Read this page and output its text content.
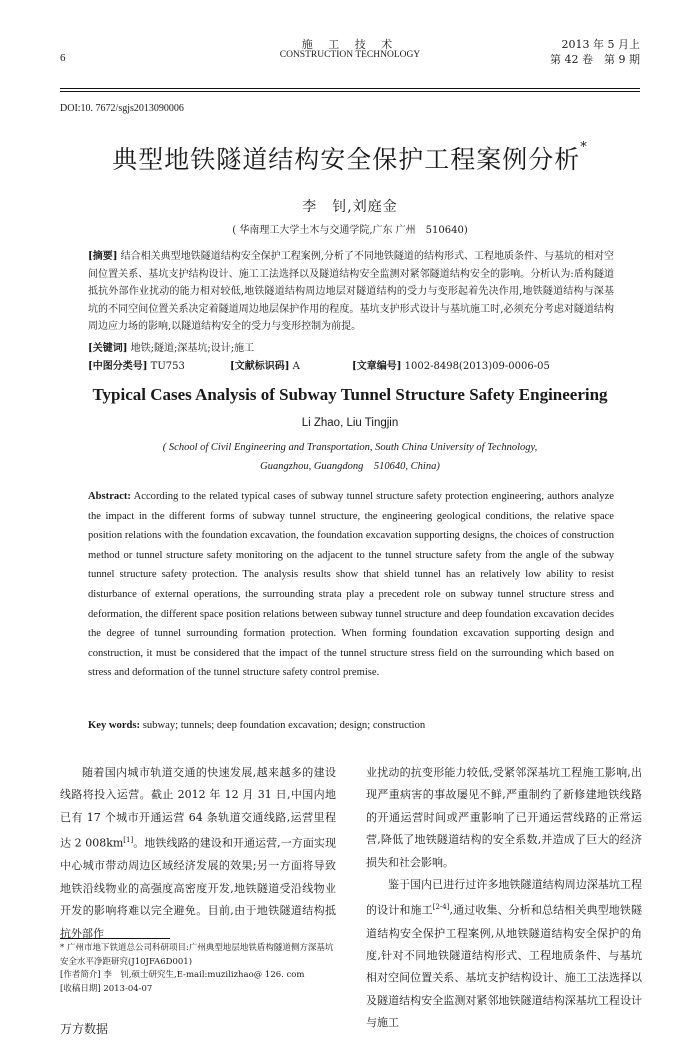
施 工 技 术
CONSTRUCTION TECHNOLOGY
6
2013 年 5 月上
第 42 卷　第 9 期
DOI:10. 7672/sgjs2013090006
典型地铁隧道结构安全保护工程案例分析*
李　钊,刘庭金
( 华南理工大学土木与交通学院,广东 广州　510640)
[摘要] 结合相关典型地铁隧道结构安全保护工程案例,分析了不同地铁隧道的结构形式、工程地质条件、与基坑的相对空间位置关系、基坑支护结构设计、施工工法选择以及隧道结构安全监测对紧邻隧道结构安全的影响。分析认为:盾构隧道抵抗外部作业扰动的能力相对较低,地铁隧道结构周边地层对隧道结构的受力与变形起着先决作用,地铁隧道结构与深基坑的不同空间位置关系决定着隧道周边地层保护作用的程度。基坑支护形式设计与基坑施工时,必须充分考虑对隧道结构周边应力场的影响,以隧道结构安全的受力与变形控制为前提。
[关键词] 地铁;隧道;深基坑;设计;施工
[中图分类号] TU753	[文献标识码] A	[文章编号] 1002-8498(2013)09-0006-05
Typical Cases Analysis of Subway Tunnel Structure Safety Engineering
Li Zhao, Liu Tingjin
( School of Civil Engineering and Transportation, South China University of Technology,
Guangzhou, Guangdong　510640, China)
Abstract: According to the related typical cases of subway tunnel structure safety protection engineering, authors analyze the impact in the different forms of subway tunnel structure, the engineering geological conditions, the relative space position relations with the foundation excavation, the foundation excavation supporting designs, the choices of construction method or tunnel structure safety monitoring on the adjacent to the tunnel structure safety from the angle of the subway tunnel structure safety protection. The analysis results show that shield tunnel has an relatively low ability to resist disturbance of external operations, the surrounding strata play a precedent role on subway tunnel structure stress and deformation, the different space position relations between subway tunnel structure and deep foundation excavation decides the degree of tunnel surrounding formation protection. When forming foundation excavation supporting design and construction, it must be considered that the impact of the tunnel structure stress field on the surrounding which based on stress and deformation of the tunnel structure safety control premise.
Key words: subway; tunnels; deep foundation excavation; design; construction

随着国内城市轨道交通的快速发展,越来越多的建设线路将投入运营。截止 2012 年 12 月 31 日,中国内地已有 17 个城市开通运营 64 条轨道交通线路,运营里程达 2 008km[1]。地铁线路的建设和开通运营,一方面实现中心城市带动周边区域经济发展的效果;另一方面将导致地铁沿线物业的高强度高密度开发,地铁隧道受沿线物业开发的影响将难以完全避免。目前,由于地铁隧道结构抵抗外部作

业扰动的抗变形能力较低,受紧邻深基坑工程施工影响,出现严重病害的事故屡见不鲜,严重制约了新修建地铁线路的开通运营时间或严重影响了已开通运营线路的正常运营,降低了地铁隧道结构的安全系数,并造成了巨大的经济损失和社会影响。

鉴于国内已进行过许多地铁隧道结构周边深基坑工程的设计和施工[2-4],通过收集、分析和总结相关典型地铁隧道结构安全保护工程案例,从地铁隧道结构安全保护的角度,针对不同地铁隧道结构形式、工程地质条件、与基坑相对空间位置关系、基坑支护结构设计、施工工法选择以及隧道结构安全监测对紧邻地铁隧道结构深基坑工程设计与施工

* 广州市地下铁道总公司科研项目:广州典型地层地铁盾构隧道侧方深基坑安全水平净距研究(J10JFA6D001)
[作者简介] 李　钊,硕士研究生,E-mail:muzilizhao@ 126. com
[收稿日期] 2013-04-07
万方数据
